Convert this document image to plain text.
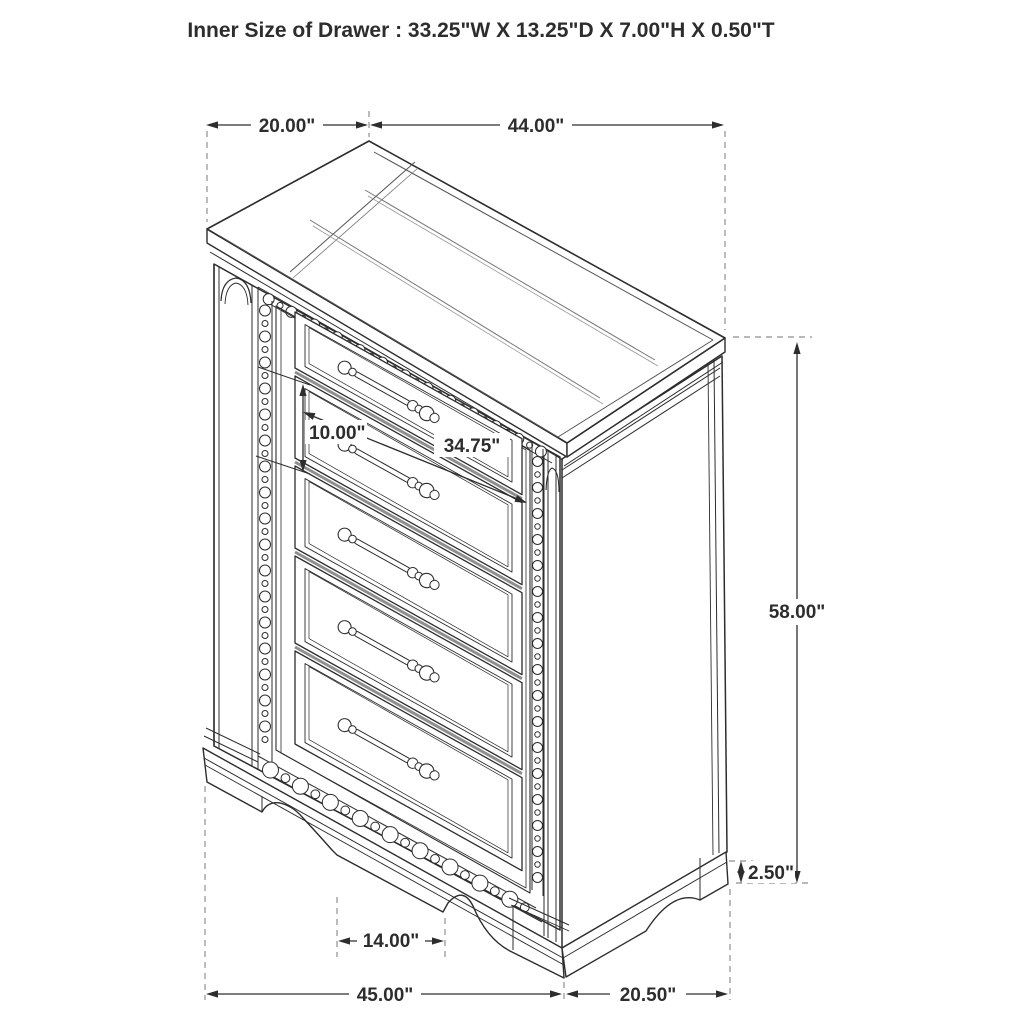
20.00"	44.00"
10.00"
34.75"
58.00"
2.50"
14.00"
45.00"	20.50"
Inner Size of Drawer : 33.25"W X 13.25"D X 7.00"H X 0.50"T
